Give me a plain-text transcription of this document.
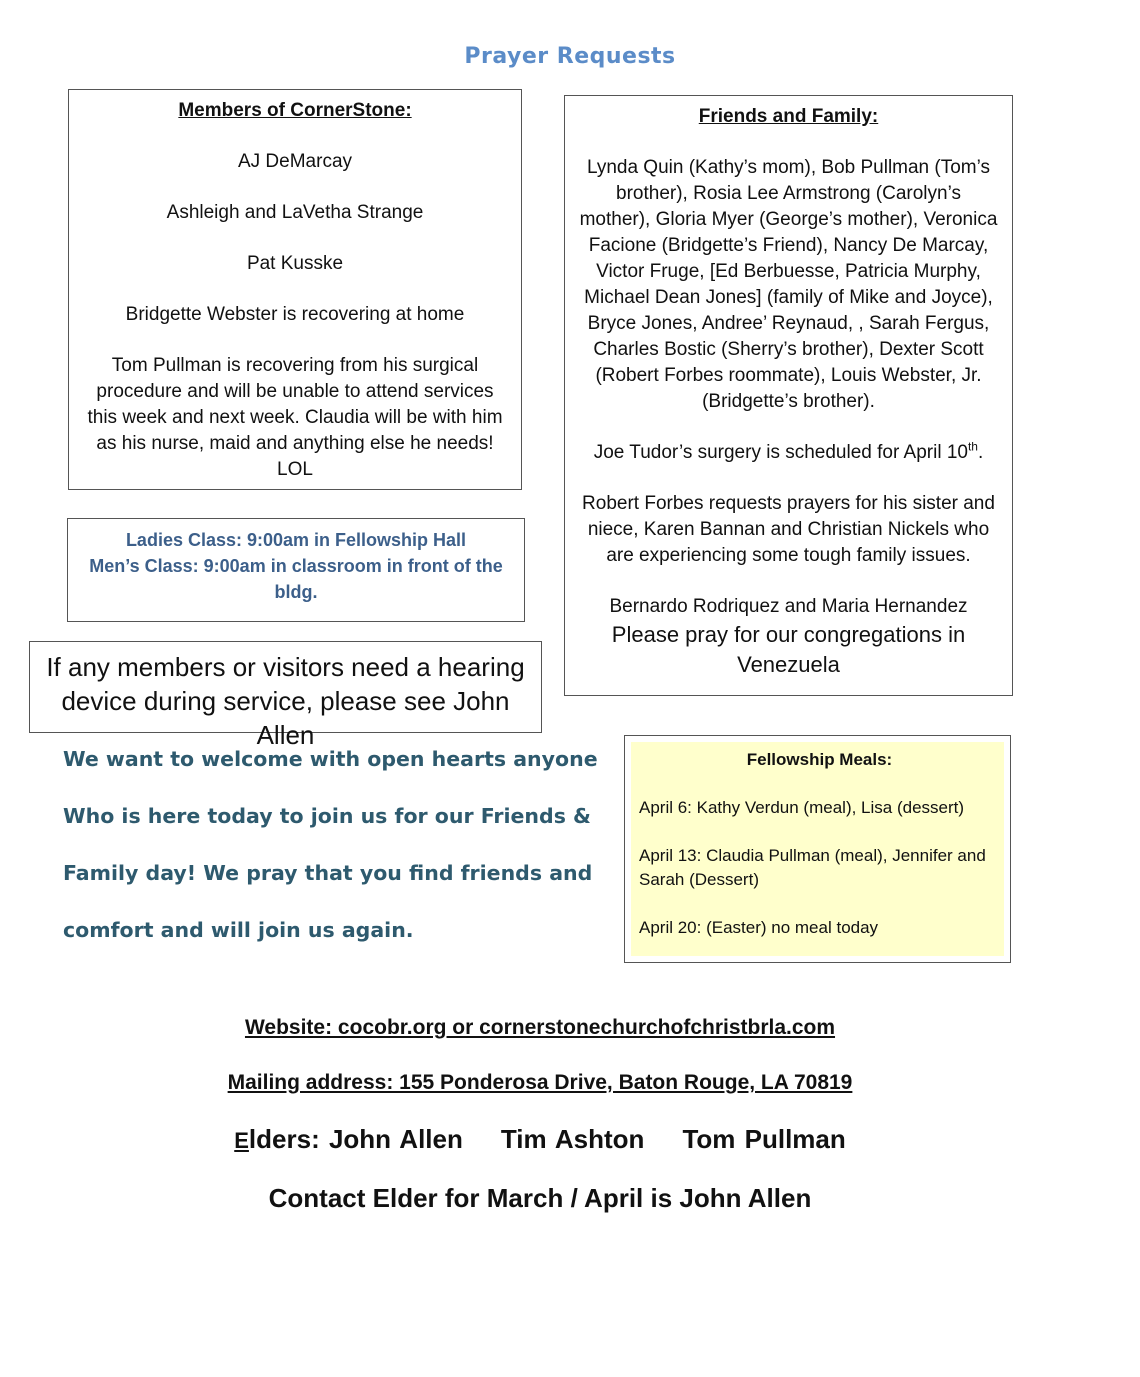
Prayer Requests

Members of CornerStone:

AJ DeMarcay

Ashleigh and LaVetha Strange

Pat Kusske

Bridgette Webster is recovering at home

Tom Pullman is recovering from his surgical procedure and will be unable to attend services this week and next week. Claudia will be with him as his nurse, maid and anything else he needs! LOL

Ladies Class: 9:00am in Fellowship Hall

Men’s Class: 9:00am in classroom in front of the bldg.

If any members or visitors need a hearing device during service, please see John Allen

Friends and Family:

Lynda Quin (Kathy’s mom), Bob Pullman (Tom’s brother), Rosia Lee Armstrong (Carolyn’s mother), Gloria Myer (George’s mother), Veronica Facione (Bridgette’s Friend), Nancy De Marcay, Victor Fruge, [Ed Berbuesse, Patricia Murphy, Michael Dean Jones] (family of Mike and Joyce), Bryce Jones, Andree’ Reynaud, , Sarah Fergus, Charles Bostic (Sherry’s brother), Dexter Scott (Robert Forbes roommate), Louis Webster, Jr.(Bridgette’s brother).

Joe Tudor’s surgery is scheduled for April 10th.

Robert Forbes requests prayers for his sister and niece, Karen Bannan and Christian Nickels who are experiencing some tough family issues.

Bernardo Rodriquez and Maria Hernandez

Please pray for our congregations in Venezuela

We want to welcome with open hearts anyone
Who is here today to join us for our Friends &
Family day! We pray that you find friends and
comfort and will join us again.

Fellowship Meals:

April 6: Kathy Verdun (meal), Lisa (dessert)

April 13: Claudia Pullman (meal), Jennifer and Sarah (Dessert)

April 20: (Easter) no meal today

Website: cocobr.org or cornerstonechurchofchristbrla.com
Mailing address: 155 Ponderosa Drive, Baton Rouge, LA 70819
Elders: John Allen Tim Ashton Tom Pullman
Contact Elder for March / April is John Allen
